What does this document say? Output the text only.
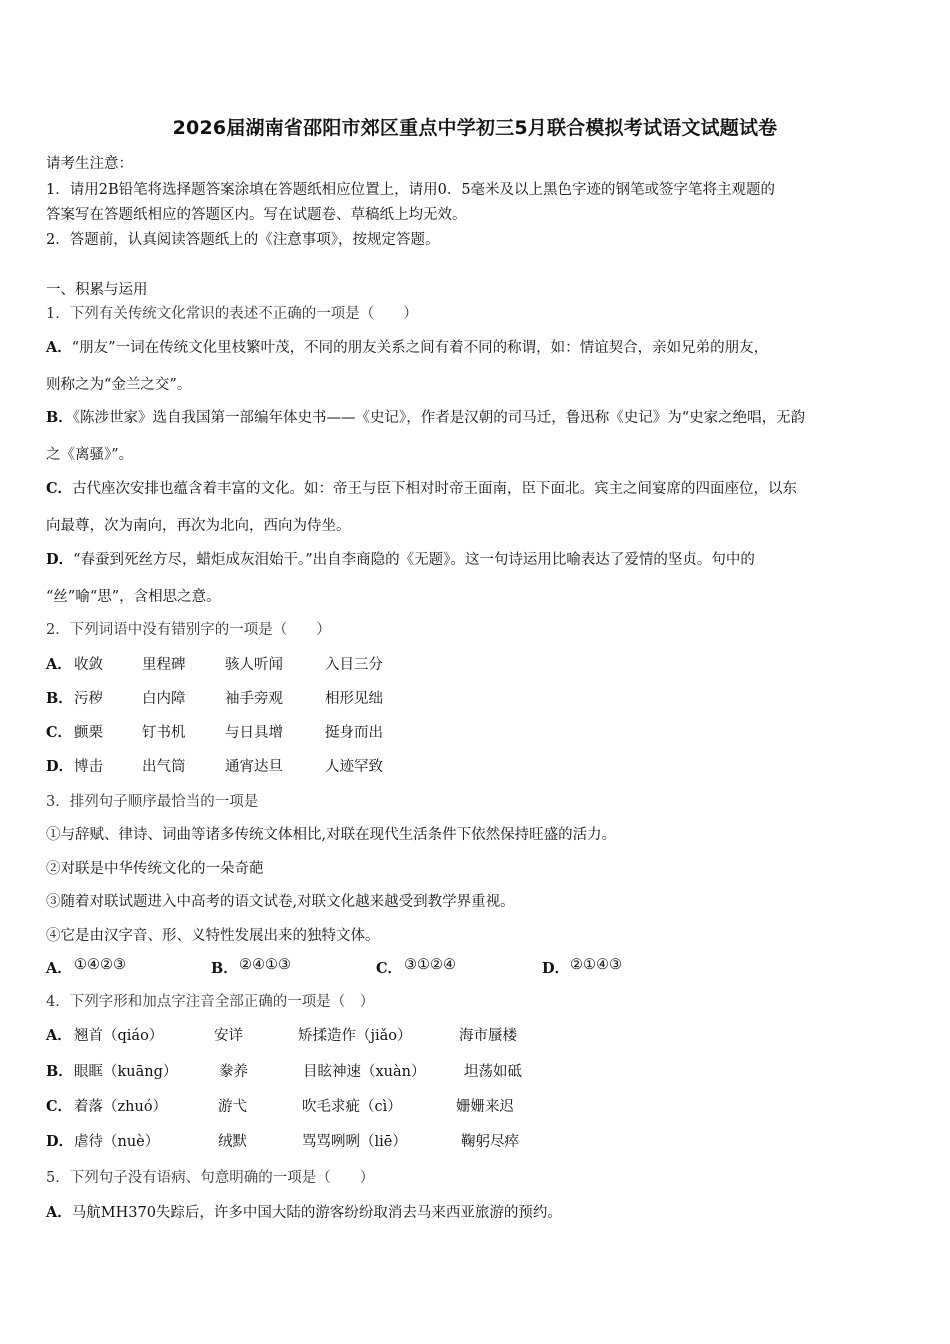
2026届湖南省邵阳市郊区重点中学初三5月联合模拟考试语文试题试卷
请考生注意：
1．请用2B铅笔将选择题答案涂填在答题纸相应位置上，请用0．5毫米及以上黑色字迹的钢笔或签字笔将主观题的
答案写在答题纸相应的答题区内。写在试题卷、草稿纸上均无效。
2．答题前，认真阅读答题纸上的《注意事项》，按规定答题。
一、积累与运用
1．下列有关传统文化常识的表述不正确的一项是（　　）
A．“朋友”一词在传统文化里枝繁叶茂，不同的朋友关系之间有着不同的称谓，如：情谊契合，亲如兄弟的朋友，
则称之为“金兰之交”。
B．《陈涉世家》选自我国第一部编年体史书——《史记》，作者是汉朝的司马迁，鲁迅称《史记》为“史家之绝唱，无韵
之《离骚》”。
C．古代座次安排也蕴含着丰富的文化。如：帝王与臣下相对时帝王面南，臣下面北。宾主之间宴席的四面座位，以东
向最尊，次为南向，再次为北向，西向为侍坐。
D．“春蚕到死丝方尽，蜡炬成灰泪始干。”出自李商隐的《无题》。这一句诗运用比喻表达了爱情的坚贞。句中的
“丝”喻“思”，含相思之意。
2．下列词语中没有错别字的一项是（　　）
A． 收敛	里程碑	骇人听闻	入目三分
B． 污秽	白内障	袖手旁观	相形见绌
C． 颤栗	钉书机	与日具增	挺身而出
D． 博击	出气筒	通宵达旦	人迹罕致
3．排列句子顺序最恰当的一项是
①与辞赋、律诗、词曲等诸多传统文体相比,对联在现代生活条件下依然保持旺盛的活力。
②对联是中华传统文化的一朵奇葩
③随着对联试题进入中高考的语文试卷,对联文化越来越受到教学界重视。
④它是由汉字音、形、义特性发展出来的独特文体。
A． ①④②③	B． ②④①③	C． ③①②④	D． ②①④③
4．下列字形和加点字注音全部正确的一项是（　）
A． 翘首（qiáo）	安详	矫揉造作（jiǎo）	海市蜃楼
B． 眼眶（kuāng）	豢养	目眩神速（xuàn）	坦荡如砥
C． 着落（zhuó）	游弋	吹毛求疵（cì）	姗姗来迟
D． 虐待（nuè）	绒默	骂骂咧咧（liē）	鞠躬尽瘁
5．下列句子没有语病、句意明确的一项是（　　）
A．马航MH370失踪后，许多中国大陆的游客纷纷取消去马来西亚旅游的预约。
